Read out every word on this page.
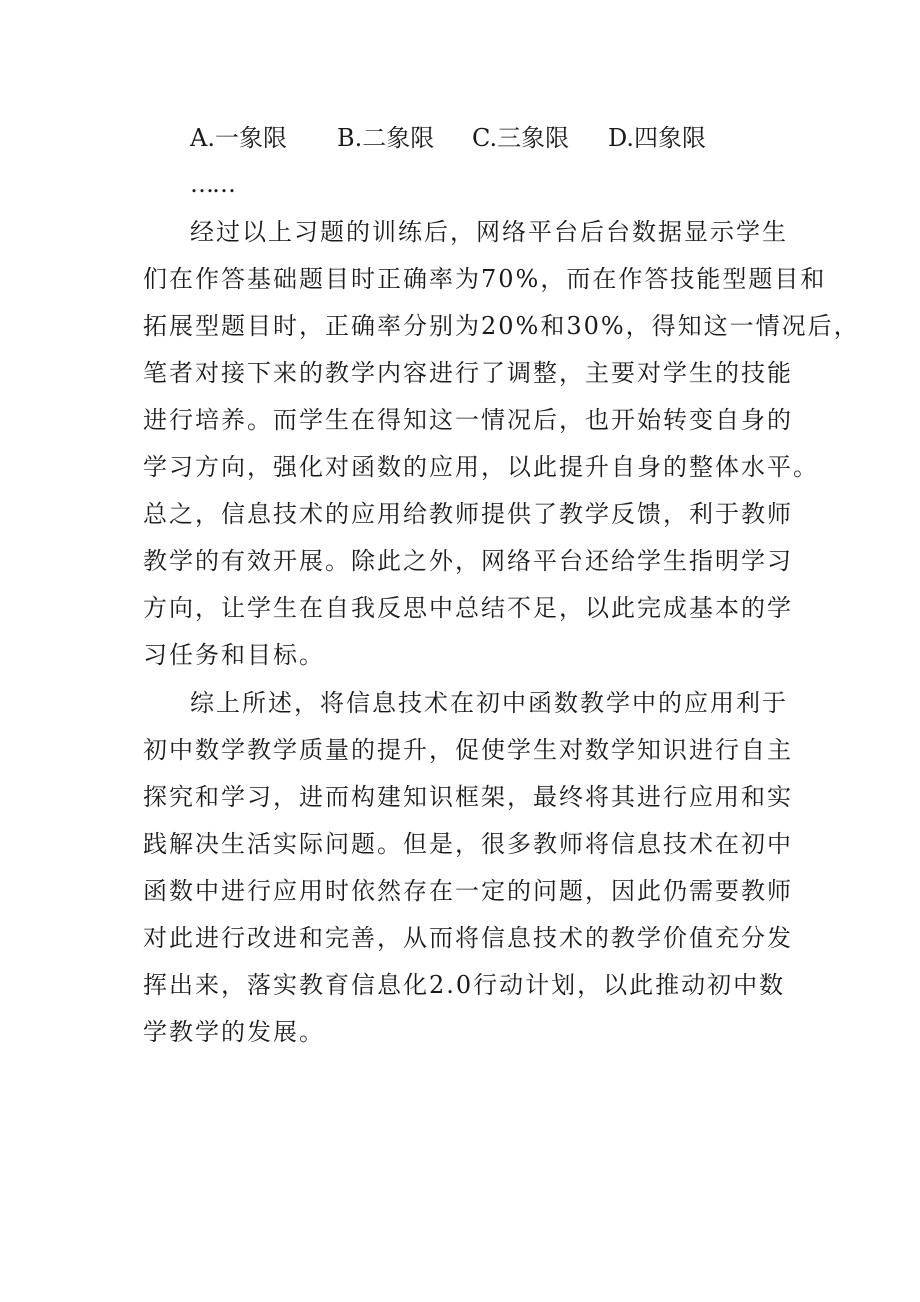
A.一象限 B.二象限 C.三象限 D.四象限
……
经过以上习题的训练后，网络平台后台数据显示学生
们在作答基础题目时正确率为70%，而在作答技能型题目和
拓展型题目时，正确率分别为20%和30%，得知这一情况后，
笔者对接下来的教学内容进行了调整，主要对学生的技能
进行培养。而学生在得知这一情况后，也开始转变自身的
学习方向，强化对函数的应用，以此提升自身的整体水平。
总之，信息技术的应用给教师提供了教学反馈，利于教师
教学的有效开展。除此之外，网络平台还给学生指明学习
方向，让学生在自我反思中总结不足，以此完成基本的学
习任务和目标。
综上所述，将信息技术在初中函数教学中的应用利于
初中数学教学质量的提升，促使学生对数学知识进行自主
探究和学习，进而构建知识框架，最终将其进行应用和实
践解决生活实际问题。但是，很多教师将信息技术在初中
函数中进行应用时依然存在一定的问题，因此仍需要教师
对此进行改进和完善，从而将信息技术的教学价值充分发
挥出来，落实教育信息化2.0行动计划，以此推动初中数
学教学的发展。
